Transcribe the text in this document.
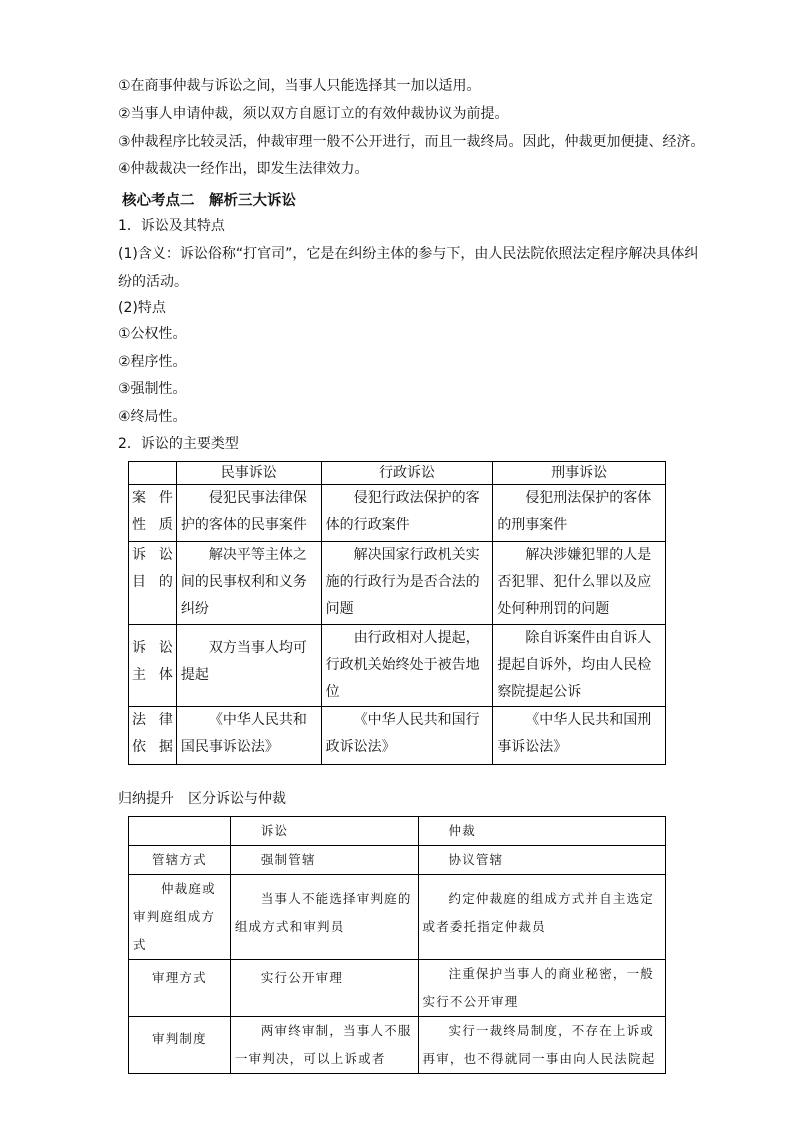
①在商事仲裁与诉讼之间，当事人只能选择其一加以适用。
②当事人申请仲裁，须以双方自愿订立的有效仲裁协议为前提。
③仲裁程序比较灵活，仲裁审理一般不公开进行，而且一裁终局。因此，仲裁更加便捷、经济。
④仲裁裁决一经作出，即发生法律效力。
核心考点二　解析三大诉讼
1．诉讼及其特点
(1)含义：诉讼俗称“打官司”，它是在纠纷主体的参与下，由人民法院依照法定程序解决具体纠纷的活动。
(2)特点
①公权性。
②程序性。
③强制性。
④终局性。
2．诉讼的主要类型
	民事诉讼	行政诉讼	刑事诉讼
案件性质	侵犯民事法律保护的客体的民事案件	侵犯行政法保护的客体的行政案件	侵犯刑法保护的客体的刑事案件
诉讼目的	解决平等主体之间的民事权利和义务纠纷	解决国家行政机关实施的行政行为是否合法的问题	解决涉嫌犯罪的人是否犯罪、犯什么罪以及应处何种刑罚的问题
诉讼主体	双方当事人均可提起	由行政相对人提起，行政机关始终处于被告地位	除自诉案件由自诉人提起自诉外，均由人民检察院提起公诉
法律依据	《中华人民共和国民事诉讼法》	《中华人民共和国行政诉讼法》	《中华人民共和国刑事诉讼法》
归纳提升　区分诉讼与仲裁
	诉讼	仲裁
管辖方式	强制管辖	协议管辖
仲裁庭或审判庭组成方式	当事人不能选择审判庭的组成方式和审判员	约定仲裁庭的组成方式并自主选定或者委托指定仲裁员
审理方式	实行公开审理	注重保护当事人的商业秘密，一般实行不公开审理
审判制度	两审终审制，当事人不服一审判决，可以上诉或者	实行一裁终局制度，不存在上诉或再审，也不得就同一事由向人民法院起
